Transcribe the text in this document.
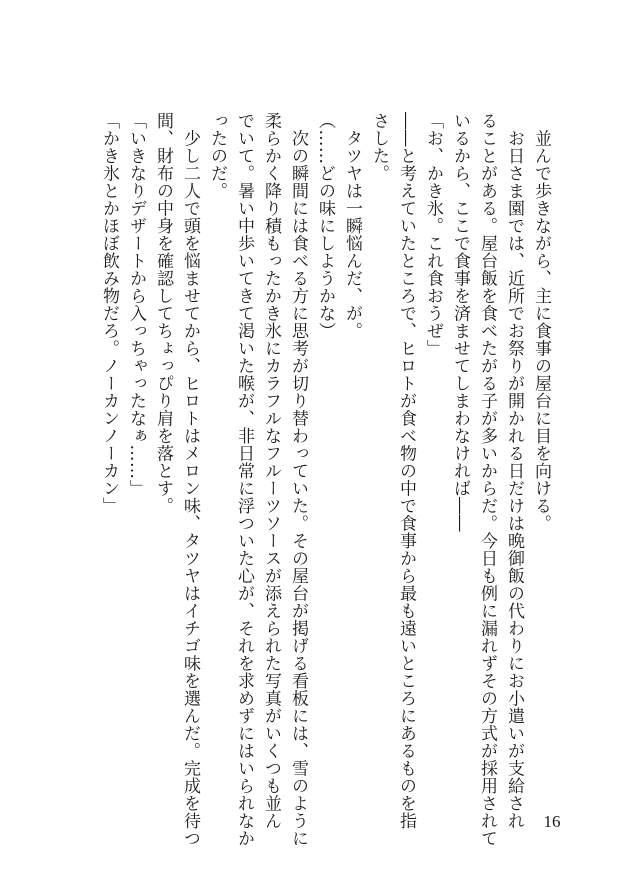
　並んで歩きながら、主に食事の屋台に目を向ける。
　お日さま園では、近所でお祭りが開かれる日だけは晩御飯の代わりにお小遣いが支給され
ることがある。屋台飯を食べたがる子が多いからだ。今日も例に漏れずその方式が採用されて
いるから、ここで食事を済ませてしまわなければ――
「お、かき氷。これ食おうぜ」
――と考えていたところで、ヒロトが食べ物の中で食事から最も遠いところにあるものを指
さした。
　タツヤは一瞬悩んだ、が。
（……どの味にしようかな）
　次の瞬間には食べる方に思考が切り替わっていた。その屋台が掲げる看板には、雪のように
柔らかく降り積もったかき氷にカラフルなフルーツソースが添えられた写真がいくつも並ん
でいて。暑い中歩いてきて渇いた喉が、非日常に浮ついた心が、それを求めずにはいられなか
ったのだ。
　少し二人で頭を悩ませてから、ヒロトはメロン味、タツヤはイチゴ味を選んだ。完成を待つ
間、財布の中身を確認してちょっぴり肩を落とす。
「いきなりデザートから入っちゃったなぁ……」
「かき氷とかほぼ飲み物だろ。ノーカンノーカン」
16
